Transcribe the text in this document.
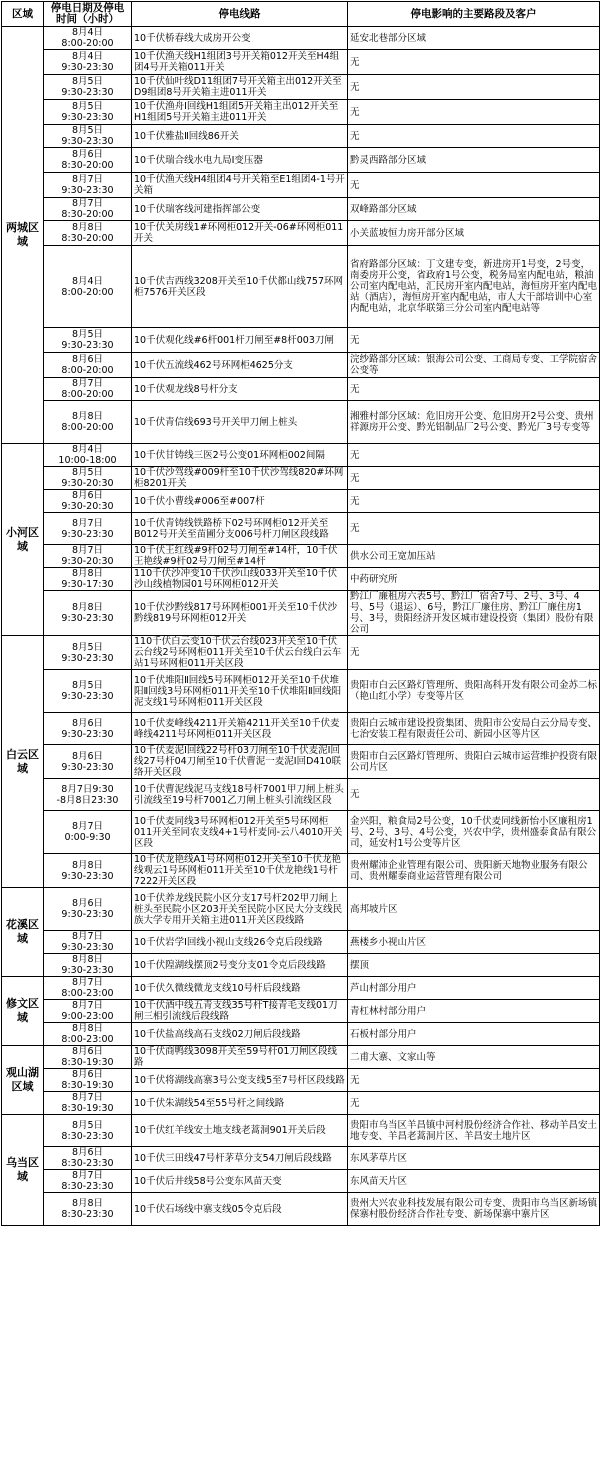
区域	停电日期及停电时间（小时）	停电线路	停电影响的主要路段及客户
两城区域	8月4日
8:00-20:00	10千伏桥春线大成房开公变	延安北巷部分区域

	8月4日
9:30-23:30	10千伏渔天线H1组团3号开关箱012开关至H4组团4号开关箱011开关	无

	8月5日
9:30-23:30	10千伏仙叶线D11组团7号开关箱主出012开关至D9组团8号开关箱主进011开关	无

	8月5日
9:30-23:30	10千伏渔舟Ⅰ回线H1组团5开关箱主出012开关至H1组团5号开关箱主进011开关	无

	8月5日
9:30-23:30	10千伏雅盐Ⅱ回线86开关	无

	8月6日
8:30-20:00	10千伏瑞合线水电九局Ⅰ变压器	黔灵西路部分区域

	8月7日
9:30-23:30	10千伏渔天线H4组团4号开关箱至E1组团4-1号开关箱	无

	8月7日
8:30-20:00	10千伏瑞客线河建指挥部公变	双峰路部分区域

	8月8日
8:30-20:00	10千伏关房线1#环网柜012开关-06#环网柜011开关	小关蓝坡恒力房开部分区域

	8月4日
8:00-20:00	10千伏吉西线3208开关至10千伏都山线757环网柜7576开关区段	省府路部分区域：丁文建专变，新进房开1号变，2号变，南委房开公变，省政府1号公变，税务局室内配电站，粮油公司室内配电站，汇民房开室内配电站，海恒房开室内配电站（酒店），海恒房开室内配电站，市人大干部培训中心室内配电站，北京华联第三分公司室内配电站等

	8月5日
9:30-23:30	10千伏观化线#6杆001杆刀闸至#8杆003刀闸	无

	8月6日
8:00-20:00	10千伏五流线462号环网柜4625分支	浣纱路部分区域：银海公司公变、工商局专变、工学院宿舍公变等

	8月7日
8:00-20:00	10千伏观龙线8号杆分支	无

	8月8日
8:00-20:00	10千伏青信线693号开关甲刀闸上桩头	湘雅村部分区域：危旧房开公变、危旧房开2号公变、贵州祥源房开公变、黔光铝制品厂2号公变、黔光厂3号专变等
小河区域	8月4日
10:00-18:00	10千伏甘铸线三医2号公变01环网柜002间隔	无

	8月5日
9:30-20:30	10千伏沙驾线#009杆至10千伏沙驾线820#环网柜8201开关	无

	8月6日
9:30-20:30	10千伏小曹线#006至#007杆	无

	8月7日
9:30-23:30	10千伏青铸线铁路桥下02号环网柜012开关至B012号开关至苗圃分支006号杆刀闸区段线路	无

	8月7日
9:30-20:30	10千伏王红线#9杆02号刀闸至#14杆，10千伏王艳线#9杆02号刀闸至#14杆	供水公司王宽加压站

	8月8日
9:30-17:30	110千伏沙冲变10千伏沙山线033开关至10千伏沙山线植物园01号环网柜012开关	中药研究所

	8月8日
9:30-23:30	10千伏沙黔线817号环网柜001开关至10千伏沙黔线819号环网柜012开关	黔江厂廉租房六表5号、黔江厂宿舍7号、2号、3号、4号、5号（退运）、6号，黔江厂廉住房、黔江厂廉住房1号、3号，贵阳经济开发区城市建设投资（集团）股份有限公司
白云区域	8月5日
9:30-23:30	110千伏白云变10千伏云台线023开关至10千伏云台线2号环网柜011开关至10千伏云台线白云车站1号环网柜011开关区段	无

	8月5日
9:30-23:30	10千伏堆阳Ⅱ回线5号环网柜012开关至10千伏堆阳Ⅱ回线3号环网柜011开关至10千伏堆阳Ⅱ回线阳泥支线1号环网柜011开关区段	贵阳市白云区路灯管理所、贵阳高科开发有限公司金苏二标（艳山红小学）专变等片区

	8月6日
9:30-23:30	10千伏麦峰线4211开关箱4211开关至10千伏麦峰线4211号环网柜011开关区段	贵阳白云城市建设投资集团、贵阳市公安局白云分局专变、七治安装工程有限责任公司、新园小区等片区

	8月6日
9:30-23:30	10千伏麦泥Ⅰ回线22号杆03刀闸至10千伏麦泥Ⅰ回线27号杆04刀闸至10千伏曹泥一麦泥Ⅰ回D410联络开关区段	贵阳市白云区路灯管理所、贵阳白云城市运营维护投资有限公司片区

	8月7日9:30
-8月8日23:30	10千伏曹泥线泥马支线18号杆7001甲刀闸上桩头引流线至19号杆7001乙刀闸上桩头引流线区段	无

	8月7日
0:00-9:30	10千伏麦同线3号环网柜012开关至5号环网柜011开关至同农支线4+1号杆麦同-云八4010开关区段	金兴阳，粮食局2号公变，10千伏麦同线新怡小区廉租房1号、2号、3号、4号公变，兴农中学，贵州盛泰食品有限公司，延安村1号公变等片区

	8月8日
9:30-23:30	10千伏龙艳线A1号环网柜012开关至10千伏龙艳线观云1号环网柜011开关至10千伏龙艳线1号杆7222开关区段	贵州耀沛企业管理有限公司、贵阳新天地物业服务有限公司、贵州耀泰商业运营管理有限公司
花溪区域	8月6日
9:30-23:30	10千伏养龙线民院小区分支17号杆202甲刀闸上桩头至民院小区203开关至民院小区民大分支线民族大学专用开关箱主进011开关区段线路	高邦坡片区

	8月7日
9:30-23:30	10千伏岩学Ⅰ回线小视山支线26令克后段线路	燕楼乡小视山片区

	8月8日
9:30-23:30	10千伏隍湖线摆顶2号变分支01令克后段线路	摆顶
修文区域	8月7日
8:00-23:00	10千伏久微线微龙支线10号杆后段线路	芦山村部分用户

	8月7日
9:00-23:00	10千伏酒中线五青支线35号杆T接青毛支线01刀闸三相引流线后段线路	青杠林村部分用户

	8月8日
8:00-23:00	10千伏盐高线高石支线02刀闸后段线路	石板村部分用户
观山湖区域	8月6日
8:30-19:30	10千伏商鸭线3098开关至59号杆01刀闸区段线路	二甫大寨、文家山等

	8月6日
8:30-19:30	10千伏将湖线高寨3号公变支线5至7号杆区段线路	无

	8月7日
8:30-19:30	10千伏朱湖线54至55号杆之间线路	无
乌当区域	8月5日
8:30-23:30	10千伏红羊线安土地支线老蒿洞901开关后段	贵阳市乌当区羊昌镇中河村股份经济合作社、移动羊昌安土地专变、羊昌老蒿洞片区、羊昌安土地片区

	8月6日
8:30-23:30	10千伏三田线47号杆茅草分支54刀闸后段线路	东风茅草片区

	8月7日
8:30-23:30	10千伏后井线58号公变东风苗天变	东风苗天片区

	8月8日
8:30-23:30	10千伏石场线中寨支线05令克后段	贵州大兴农业科技发展有限公司专变、贵阳市乌当区新场镇保寨村股份经济合作社专变、新场保寨中寨片区
